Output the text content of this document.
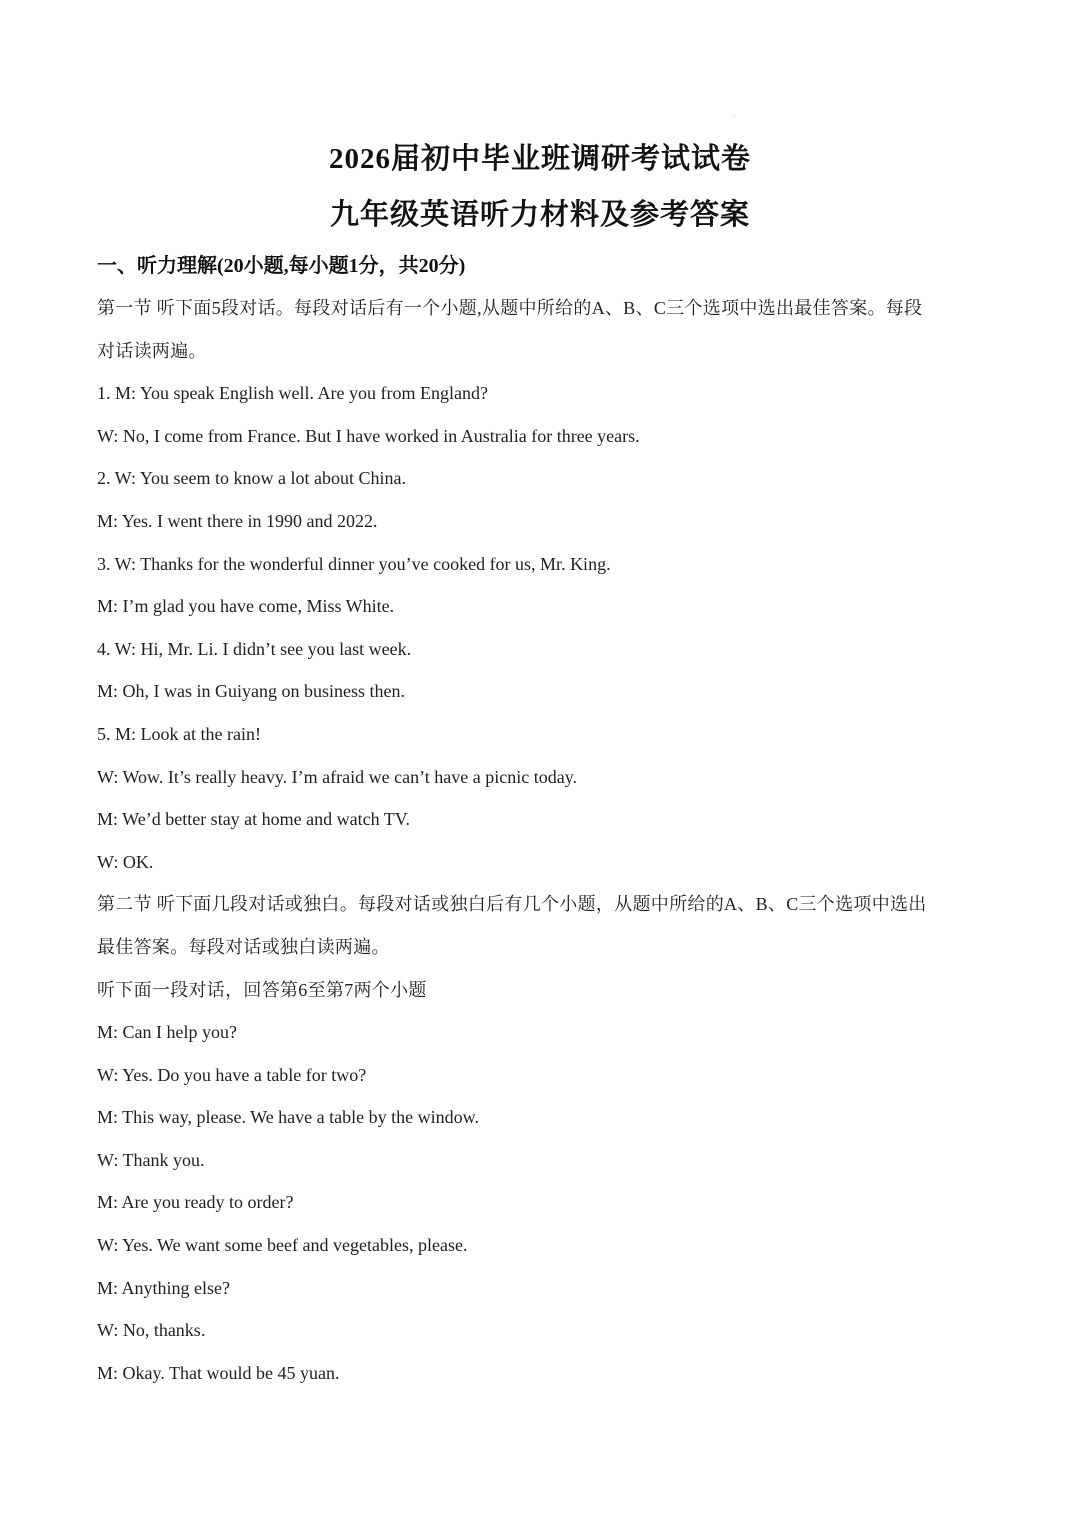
2026届初中毕业班调研考试试卷
九年级英语听力材料及参考答案
一、听力理解(20小题,每小题1分，共20分)
第一节 听下面5段对话。每段对话后有一个小题,从题中所给的A、B、C三个选项中选出最佳答案。每段
对话读两遍。
1. M: You speak English well. Are you from England?
W: No, I come from France. But I have worked in Australia for three years.
2. W: You seem to know a lot about China.
M: Yes. I went there in 1990 and 2022.
3. W: Thanks for the wonderful dinner you’ve cooked for us, Mr. King.
M: I’m glad you have come, Miss White.
4. W: Hi, Mr. Li. I didn’t see you last week.
M: Oh, I was in Guiyang on business then.
5. M: Look at the rain!
W: Wow. It’s really heavy. I’m afraid we can’t have a picnic today.
M: We’d better stay at home and watch TV.
W: OK.
第二节 听下面几段对话或独白。每段对话或独白后有几个小题，从题中所给的A、B、C三个选项中选出
最佳答案。每段对话或独白读两遍。
听下面一段对话，回答第6至第7两个小题
M: Can I help you?
W: Yes. Do you have a table for two?
M: This way, please. We have a table by the window.
W: Thank you.
M: Are you ready to order?
W: Yes. We want some beef and vegetables, please.
M: Anything else?
W: No, thanks.
M: Okay. That would be 45 yuan.
